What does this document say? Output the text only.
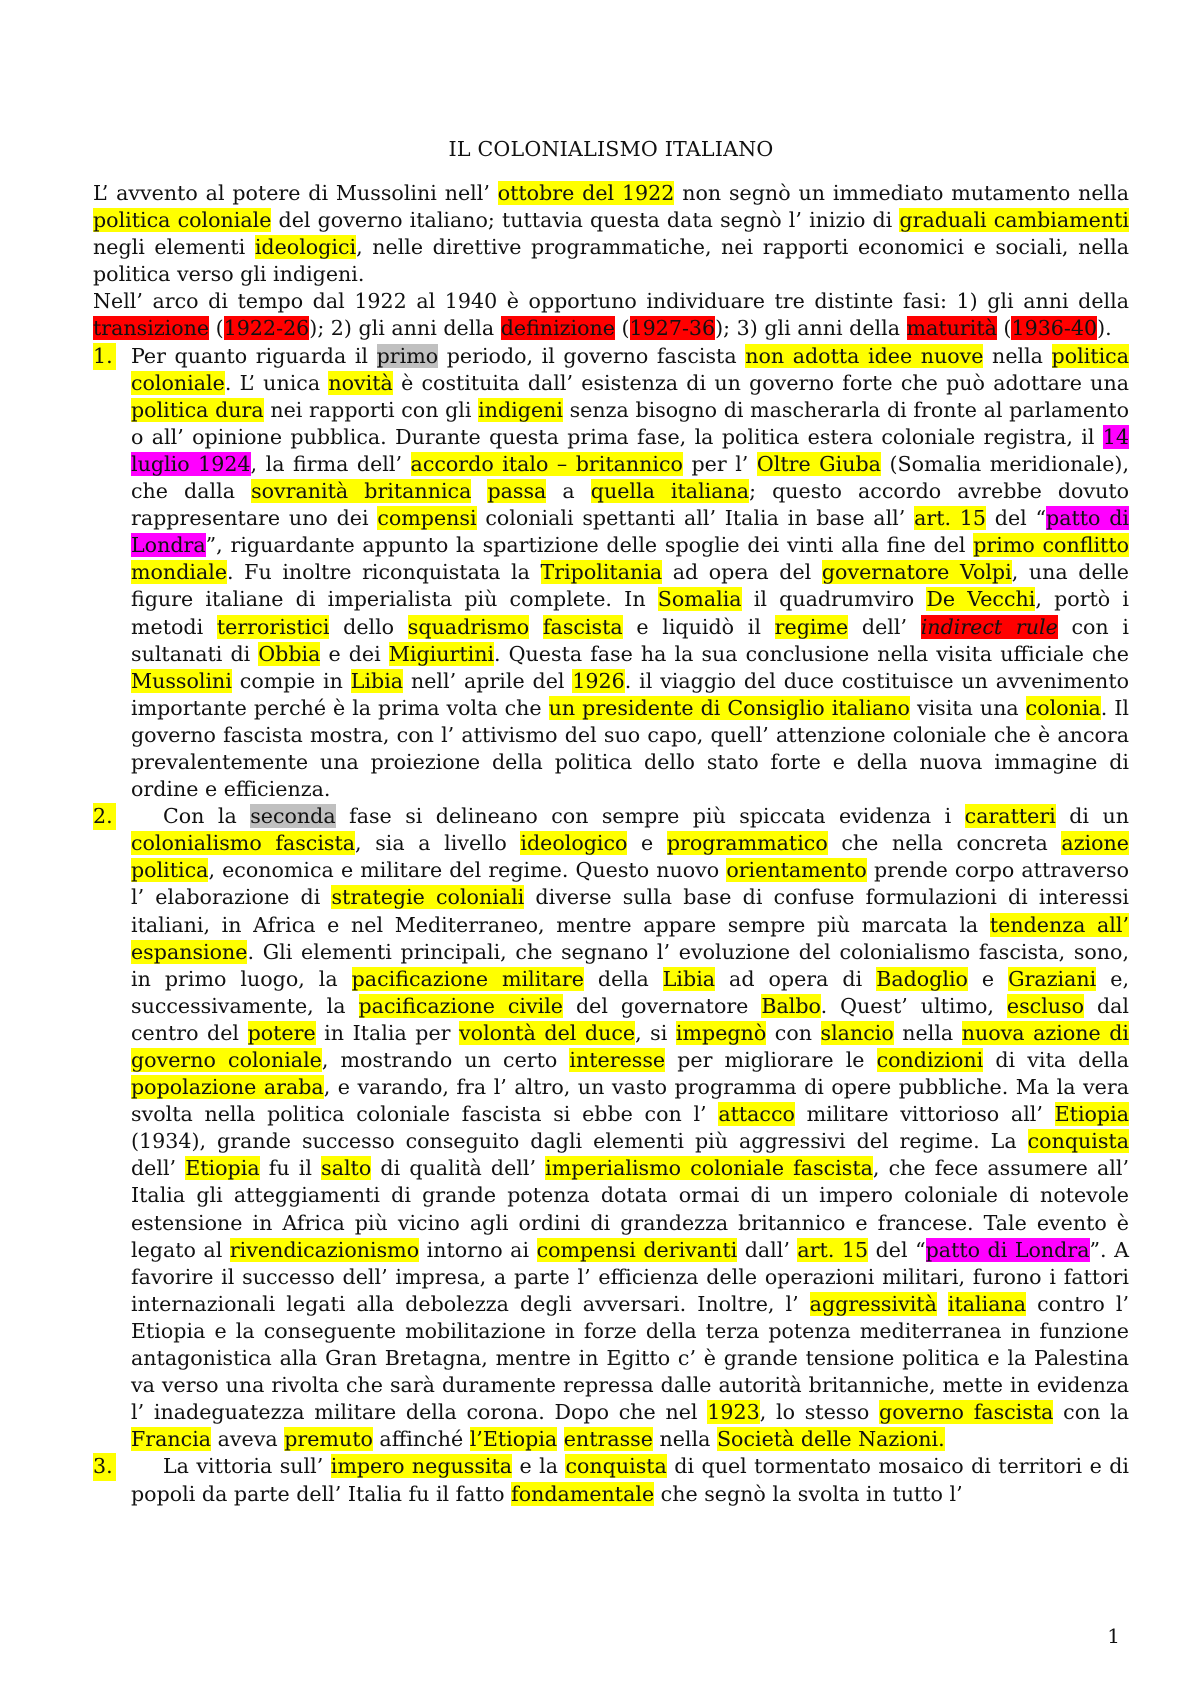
IL COLONIALISMO ITALIANO

L’ avvento al potere di Mussolini nell’ ottobre del 1922 non segnò un immediato mutamento nella politica coloniale del governo italiano; tuttavia questa data segnò l’ inizio di graduali cambiamenti negli elementi ideologici, nelle direttive programmatiche, nei rapporti economici e sociali, nella politica verso gli indigeni.

Nell’ arco di tempo dal 1922 al 1940 è opportuno individuare tre distinte fasi: 1) gli anni della transizione (1922-26); 2) gli anni della definizione (1927-36); 3) gli anni della maturità (1936-40).

1. Per quanto riguarda il primo periodo, il governo fascista non adotta idee nuove nella politica coloniale. L’ unica novità è costituita dall’ esistenza di un governo forte che può adottare una politica dura nei rapporti con gli indigeni senza bisogno di mascherarla di fronte al parlamento o all’ opinione pubblica. Durante questa prima fase, la politica estera coloniale registra, il 14 luglio 1924, la firma dell’ accordo italo – britannico per l’ Oltre Giuba (Somalia meridionale), che dalla sovranità britannica passa a quella italiana; questo accordo avrebbe dovuto rappresentare uno dei compensi coloniali spettanti all’ Italia in base all’ art. 15 del “patto di Londra”, riguardante appunto la spartizione delle spoglie dei vinti alla fine del primo conflitto mondiale. Fu inoltre riconquistata la Tripolitania ad opera del governatore Volpi, una delle figure italiane di imperialista più complete. In Somalia il quadrumviro De Vecchi, portò i metodi terroristici dello squadrismo fascista e liquidò il regime dell’ indirect rule con i sultanati di Obbia e dei Migiurtini. Questa fase ha la sua conclusione nella visita ufficiale che Mussolini compie in Libia nell’ aprile del 1926. il viaggio del duce costituisce un avvenimento importante perché è la prima volta che un presidente di Consiglio italiano visita una colonia. Il governo fascista mostra, con l’ attivismo del suo capo, quell’ attenzione coloniale che è ancora prevalentemente una proiezione della politica dello stato forte e della nuova immagine di ordine e efficienza.
2. Con la seconda fase si delineano con sempre più spiccata evidenza i caratteri di un colonialismo fascista, sia a livello ideologico e programmatico che nella concreta azione politica, economica e militare del regime. Questo nuovo orientamento prende corpo attraverso l’ elaborazione di strategie coloniali diverse sulla base di confuse formulazioni di interessi italiani, in Africa e nel Mediterraneo, mentre appare sempre più marcata la tendenza all’ espansione. Gli elementi principali, che segnano l’ evoluzione del colonialismo fascista, sono, in primo luogo, la pacificazione militare della Libia ad opera di Badoglio e Graziani e, successivamente, la pacificazione civile del governatore Balbo. Quest’ ultimo, escluso dal centro del potere in Italia per volontà del duce, si impegnò con slancio nella nuova azione di governo coloniale, mostrando un certo interesse per migliorare le condizioni di vita della popolazione araba, e varando, fra l’ altro, un vasto programma di opere pubbliche. Ma la vera svolta nella politica coloniale fascista si ebbe con l’ attacco militare vittorioso all’ Etiopia (1934), grande successo conseguito dagli elementi più aggressivi del regime. La conquista dell’ Etiopia fu il salto di qualità dell’ imperialismo coloniale fascista, che fece assumere all’ Italia gli atteggiamenti di grande potenza dotata ormai di un impero coloniale di notevole estensione in Africa più vicino agli ordini di grandezza britannico e francese. Tale evento è legato al rivendicazionismo intorno ai compensi derivanti dall’ art. 15 del “patto di Londra”. A favorire il successo dell’ impresa, a parte l’ efficienza delle operazioni militari, furono i fattori internazionali legati alla debolezza degli avversari. Inoltre, l’ aggressività italiana contro l’ Etiopia e la conseguente mobilitazione in forze della terza potenza mediterranea in funzione antagonistica alla Gran Bretagna, mentre in Egitto c’ è grande tensione politica e la Palestina va verso una rivolta che sarà duramente repressa dalle autorità britanniche, mette in evidenza l’ inadeguatezza militare della corona. Dopo che nel 1923, lo stesso governo fascista con la Francia aveva premuto affinché l’Etiopia entrasse nella Società delle Nazioni.
3. La vittoria sull’ impero negussita e la conquista di quel tormentato mosaico di territori e di popoli da parte dell’ Italia fu il fatto fondamentale che segnò la svolta in tutto l’
1
